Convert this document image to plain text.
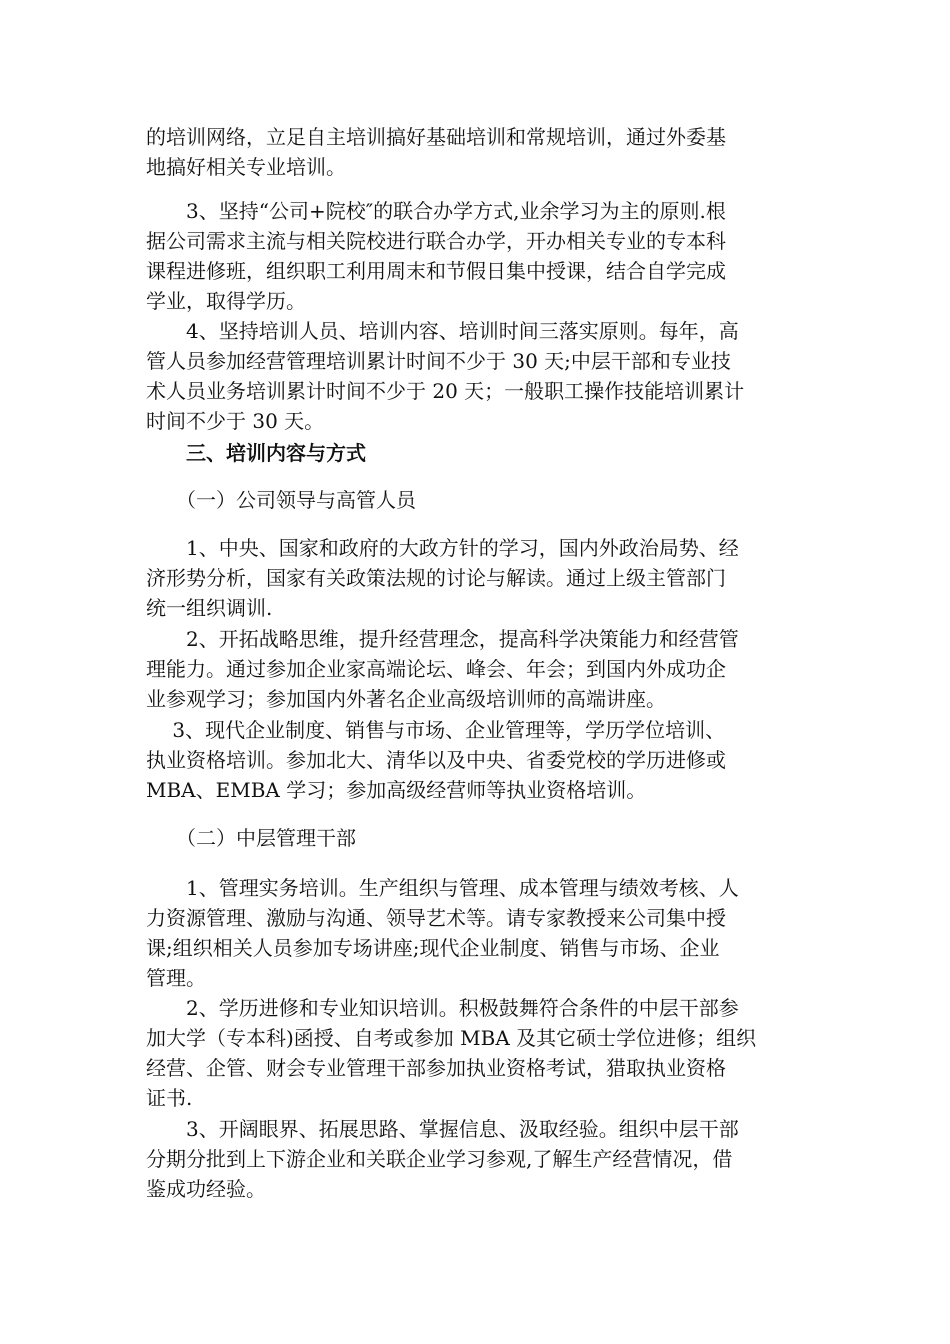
的培训网络，立足自主培训搞好基础培训和常规培训，通过外委基
地搞好相关专业培训。
　　3、坚持“公司+院校″的联合办学方式,业余学习为主的原则.根
据公司需求主流与相关院校进行联合办学，开办相关专业的专本科
课程进修班，组织职工利用周末和节假日集中授课，结合自学完成
学业，取得学历。
　　4、坚持培训人员、培训内容、培训时间三落实原则。每年，高
管人员参加经营管理培训累计时间不少于 30 天;中层干部和专业技
术人员业务培训累计时间不少于 20 天；一般职工操作技能培训累计
时间不少于 30 天。
　　三、培训内容与方式
　　（一）公司领导与高管人员
　　1、中央、国家和政府的大政方针的学习，国内外政治局势、经
济形势分析，国家有关政策法规的讨论与解读。通过上级主管部门
统一组织调训.
　　2、开拓战略思维，提升经营理念，提高科学决策能力和经营管
理能力。通过参加企业家高端论坛、峰会、年会；到国内外成功企
业参观学习；参加国内外著名企业高级培训师的高端讲座。
　 3、现代企业制度、销售与市场、企业管理等，学历学位培训、
执业资格培训。参加北大、清华以及中央、省委党校的学历进修或
MBA、EMBA 学习；参加高级经营师等执业资格培训。
　　（二）中层管理干部
　　1、管理实务培训。生产组织与管理、成本管理与绩效考核、人
力资源管理、激励与沟通、领导艺术等。请专家教授来公司集中授
课;组织相关人员参加专场讲座;现代企业制度、销售与市场、企业
管理。
　　2、学历进修和专业知识培训。积极鼓舞符合条件的中层干部参
加大学（专本科)函授、自考或参加 MBA 及其它硕士学位进修；组织
经营、企管、财会专业管理干部参加执业资格考试，猎取执业资格
证书.
　　3、开阔眼界、拓展思路、掌握信息、汲取经验。组织中层干部
分期分批到上下游企业和关联企业学习参观,了解生产经营情况，借
鉴成功经验。
